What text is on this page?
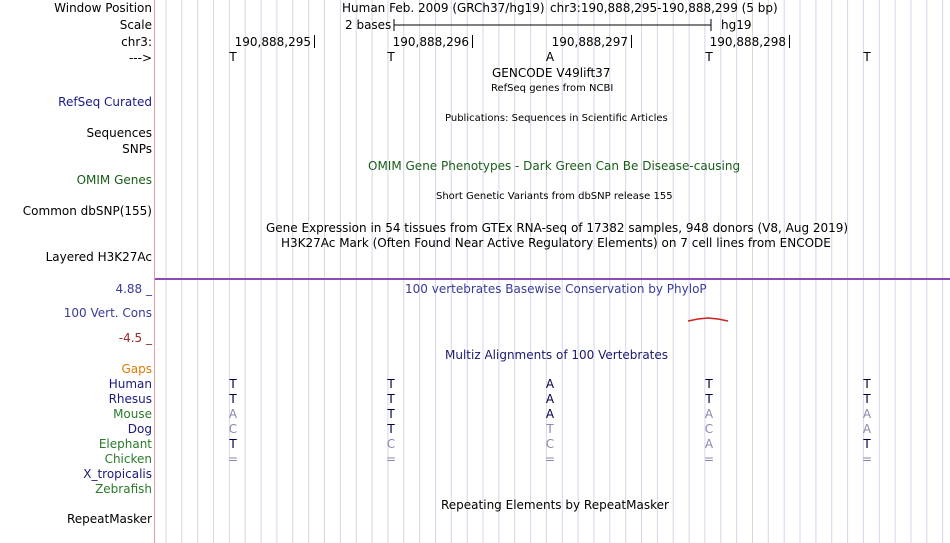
Window Position
Scale
chr3:
--->
Human Feb. 2009 (GRCh37/hg19) chr3:190,888,295-190,888,299 (5 bp)
2 bases	hg19
190,888,295	190,888,296	190,888,297	190,888,298
T	T	A	T	T
GENCODE V49lift37
RefSeq genes from NCBI
RefSeq Curated
Publications: Sequences in Scientific Articles
Sequences
SNPs
OMIM Gene Phenotypes - Dark Green Can Be Disease-causing
OMIM Genes
Short Genetic Variants from dbSNP release 155
Common dbSNP(155)
Gene Expression in 54 tissues from GTEx RNA-seq of 17382 samples, 948 donors (V8, Aug 2019)
H3K27Ac Mark (Often Found Near Active Regulatory Elements) on 7 cell lines from ENCODE
Layered H3K27Ac
4.88 _	100 vertebrates Basewise Conservation by PhyloP
100 Vert. Cons
-4.5 _
Multiz Alignments of 100 Vertebrates
Gaps
Human	T	T	A	T	T
Rhesus	T	T	A	T	T
Mouse	A	T	A	A	A
Dog	C	T	T	C	A
Elephant	T	C	C	A	T
Chicken	=	=	=	=	=
X_tropicalis
Zebrafish
Repeating Elements by RepeatMasker
RepeatMasker
